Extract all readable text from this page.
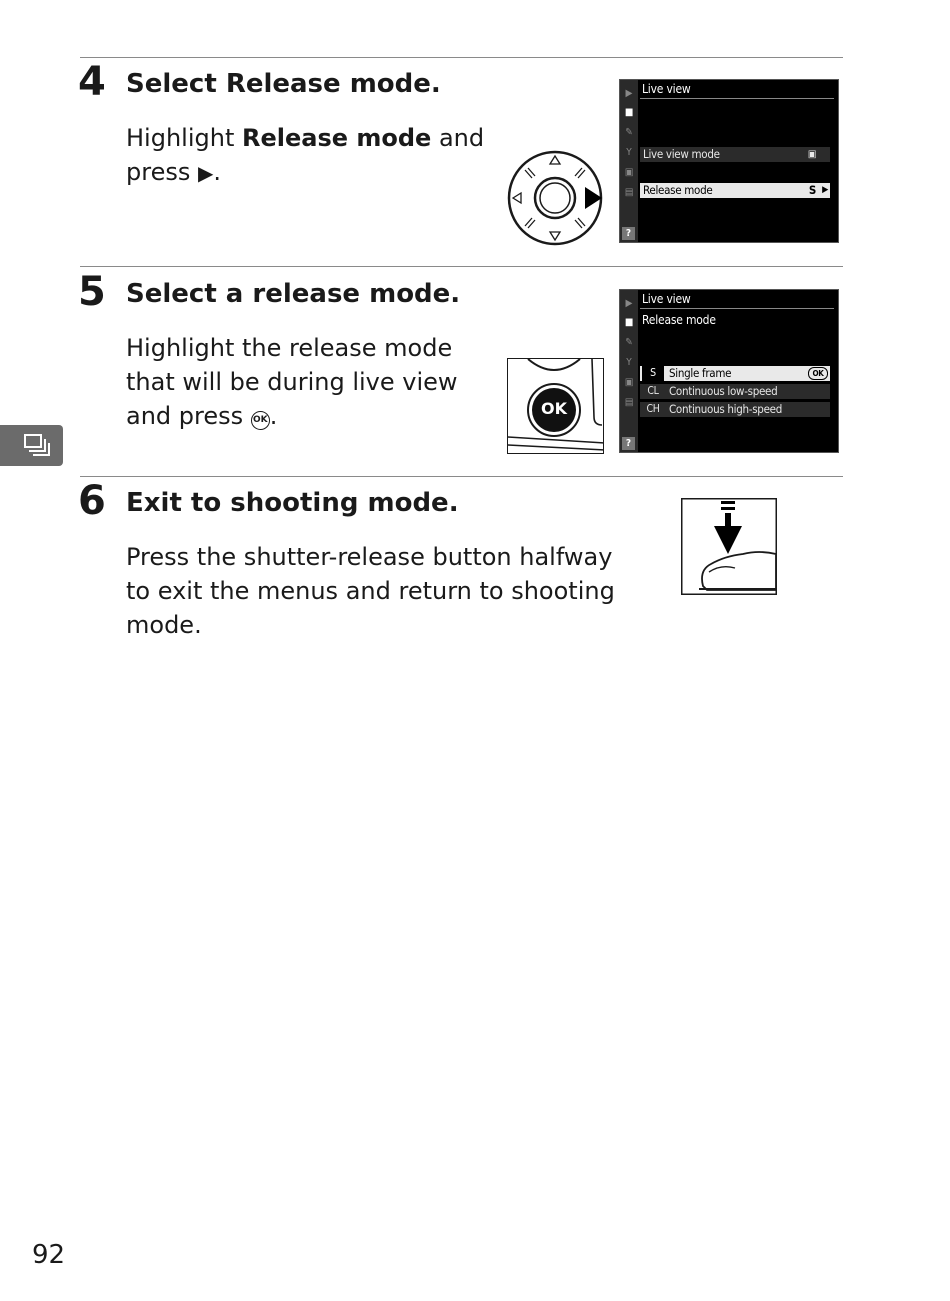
4 Select Release mode.
Highlight Release mode and
press ▶.
▶
■
✎
Y
▣
▤
?
Live view
Live view mode	▣
Release mode	S ▶
5 Select a release mode.
Highlight the release mode
that will be during live view
and press OK.	OK
▶
■
✎
Y
▣
▤
?
Live view
Release mode
S	Single frame	OK
CL Continuous low-speed
CH Continuous high-speed
6 Exit to shooting mode.
Press the shutter-release button halfway
to exit the menus and return to shooting
mode.
92
